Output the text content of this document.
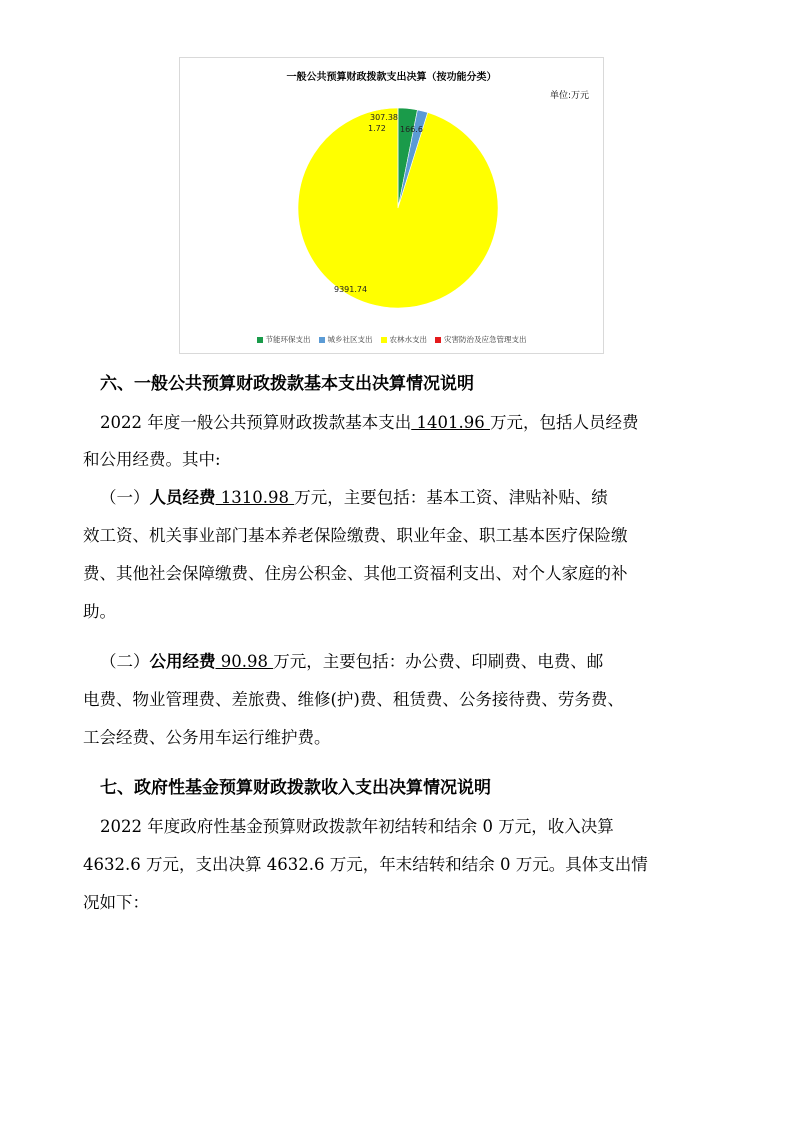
一般公共预算财政拨款支出决算（按功能分类）
单位:万元
307.38
166.6
9391.74
1.72
节能环保支出 城乡社区支出 农林水支出 灾害防治及应急管理支出
六、一般公共预算财政拨款基本支出决算情况说明
2022 年度一般公共预算财政拨款基本支出 1401.96 万元，包括人员经费
和公用经费。其中:
（一）人员经费 1310.98 万元，主要包括：基本工资、津贴补贴、绩
效工资、机关事业部门基本养老保险缴费、职业年金、职工基本医疗保险缴
费、其他社会保障缴费、住房公积金、其他工资福利支出、对个人家庭的补
助。
（二）公用经费 90.98 万元，主要包括：办公费、印刷费、电费、邮
电费、物业管理费、差旅费、维修(护)费、租赁费、公务接待费、劳务费、
工会经费、公务用车运行维护费。
七、政府性基金预算财政拨款收入支出决算情况说明
2022 年度政府性基金预算财政拨款年初结转和结余 0 万元，收入决算
4632.6 万元，支出决算 4632.6 万元，年末结转和结余 0 万元。具体支出情
况如下：
